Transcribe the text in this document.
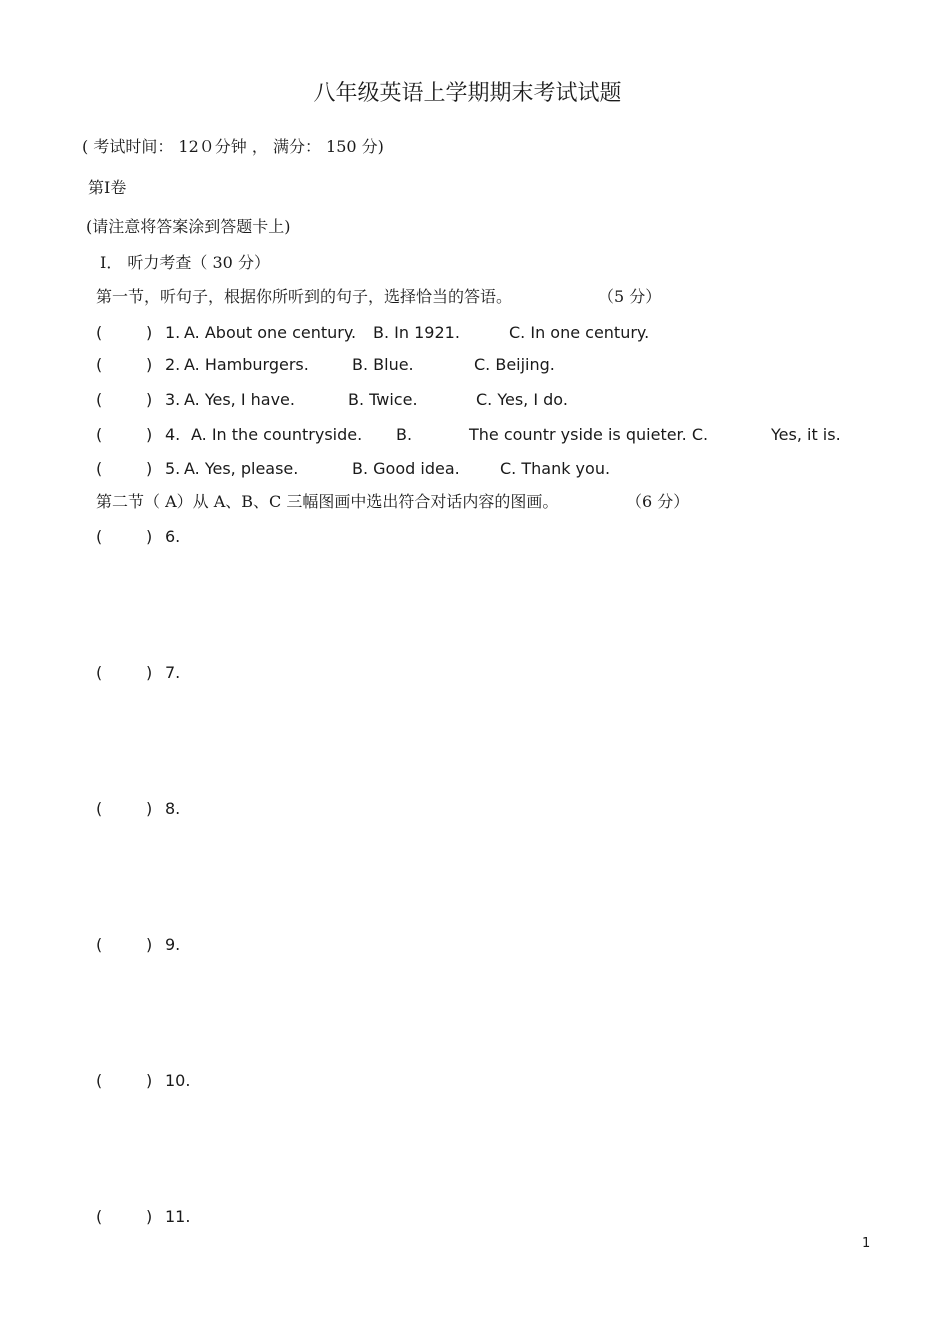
八年级英语上学期期末考试试题
( 考试时间： 12０分钟 ， 满分： 150 分)
第Ⅰ卷
(请注意将答案涂到答题卡上)
Ⅰ． 听力考查（ 30 分）
第一节，听句子，根据你所听到的句子，选择恰当的答语。	（5 分）
(	) 1. A. About one century. B. In 1921.	C. In one century.
(	) 2. A. Hamburgers.	B. Blue.	C. Beijing.
(	) 3. A. Yes, I have.	B. Twice.	C. Yes, I do.
(	) 4. A. In the countryside. B.	The countr yside is quieter. C.	Yes, it is.
(	) 5. A. Yes, please.	B. Good idea.	C. Thank you.
第二节（ A）从 A、B、C 三幅图画中选出符合对话内容的图画。	（6 分）
(	) 6.
(	) 7.
(	) 8.
(	) 9.
(	) 10.
(	) 11.
1
